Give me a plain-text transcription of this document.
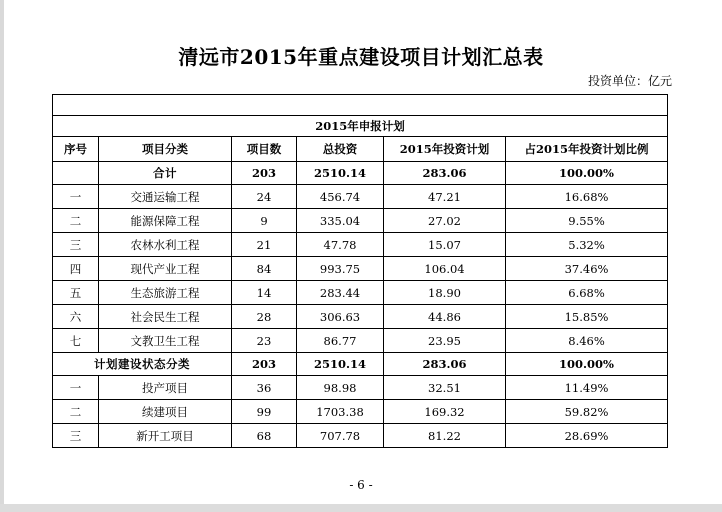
清远市2015年重点建设项目计划汇总表
投资单位：亿元

2015年申报计划					
序号	项目分类	项目数	总投资	2015年投资计划	占2015年投资计划比例
	合计	203	2510.14	283.06	100.00%
一	交通运输工程	24	456.74	47.21	16.68%
二	能源保障工程	9	335.04	27.02	9.55%
三	农林水利工程	21	47.78	15.07	5.32%
四	现代产业工程	84	993.75	106.04	37.46%
五	生态旅游工程	14	283.44	18.90	6.68%
六	社会民生工程	28	306.63	44.86	15.85%
七	文教卫生工程	23	86.77	23.95	8.46%
计划建设状态分类		203	2510.14	283.06	100.00%
一	投产项目	36	98.98	32.51	11.49%
二	续建项目	99	1703.38	169.32	59.82%
三	新开工项目	68	707.78	81.22	28.69%
- 6 -
